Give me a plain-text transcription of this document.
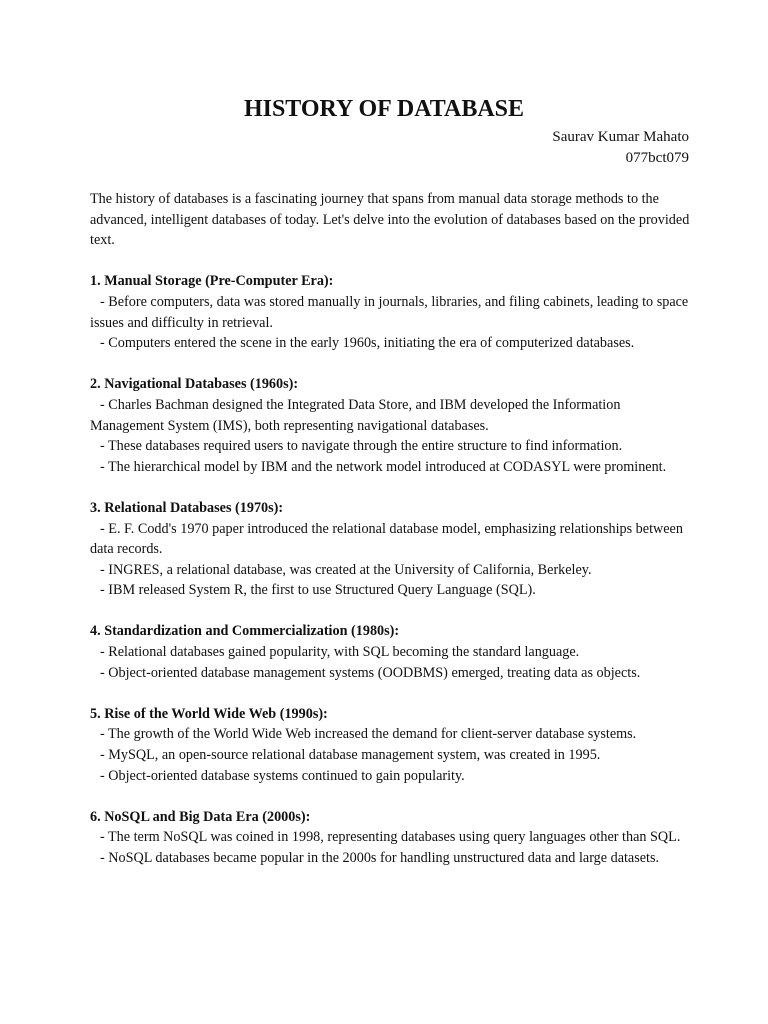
HISTORY OF DATABASE
Saurav Kumar Mahato
077bct079

The history of databases is a fascinating journey that spans from manual data storage methods to the advanced, intelligent databases of today. Let's delve into the evolution of databases based on the provided text.

1. Manual Storage (Pre-Computer Era):

- Before computers, data was stored manually in journals, libraries, and filing cabinets, leading to space issues and difficulty in retrieval.

- Computers entered the scene in the early 1960s, initiating the era of computerized databases.

2. Navigational Databases (1960s):

- Charles Bachman designed the Integrated Data Store, and IBM developed the Information Management System (IMS), both representing navigational databases.

- These databases required users to navigate through the entire structure to find information.

- The hierarchical model by IBM and the network model introduced at CODASYL were prominent.

3. Relational Databases (1970s):

- E. F. Codd's 1970 paper introduced the relational database model, emphasizing relationships between data records.

- INGRES, a relational database, was created at the University of California, Berkeley.

- IBM released System R, the first to use Structured Query Language (SQL).

4. Standardization and Commercialization (1980s):

- Relational databases gained popularity, with SQL becoming the standard language.

- Object-oriented database management systems (OODBMS) emerged, treating data as objects.

5. Rise of the World Wide Web (1990s):

- The growth of the World Wide Web increased the demand for client-server database systems.

- MySQL, an open-source relational database management system, was created in 1995.

- Object-oriented database systems continued to gain popularity.

6. NoSQL and Big Data Era (2000s):

- The term NoSQL was coined in 1998, representing databases using query languages other than SQL.

- NoSQL databases became popular in the 2000s for handling unstructured data and large datasets.
